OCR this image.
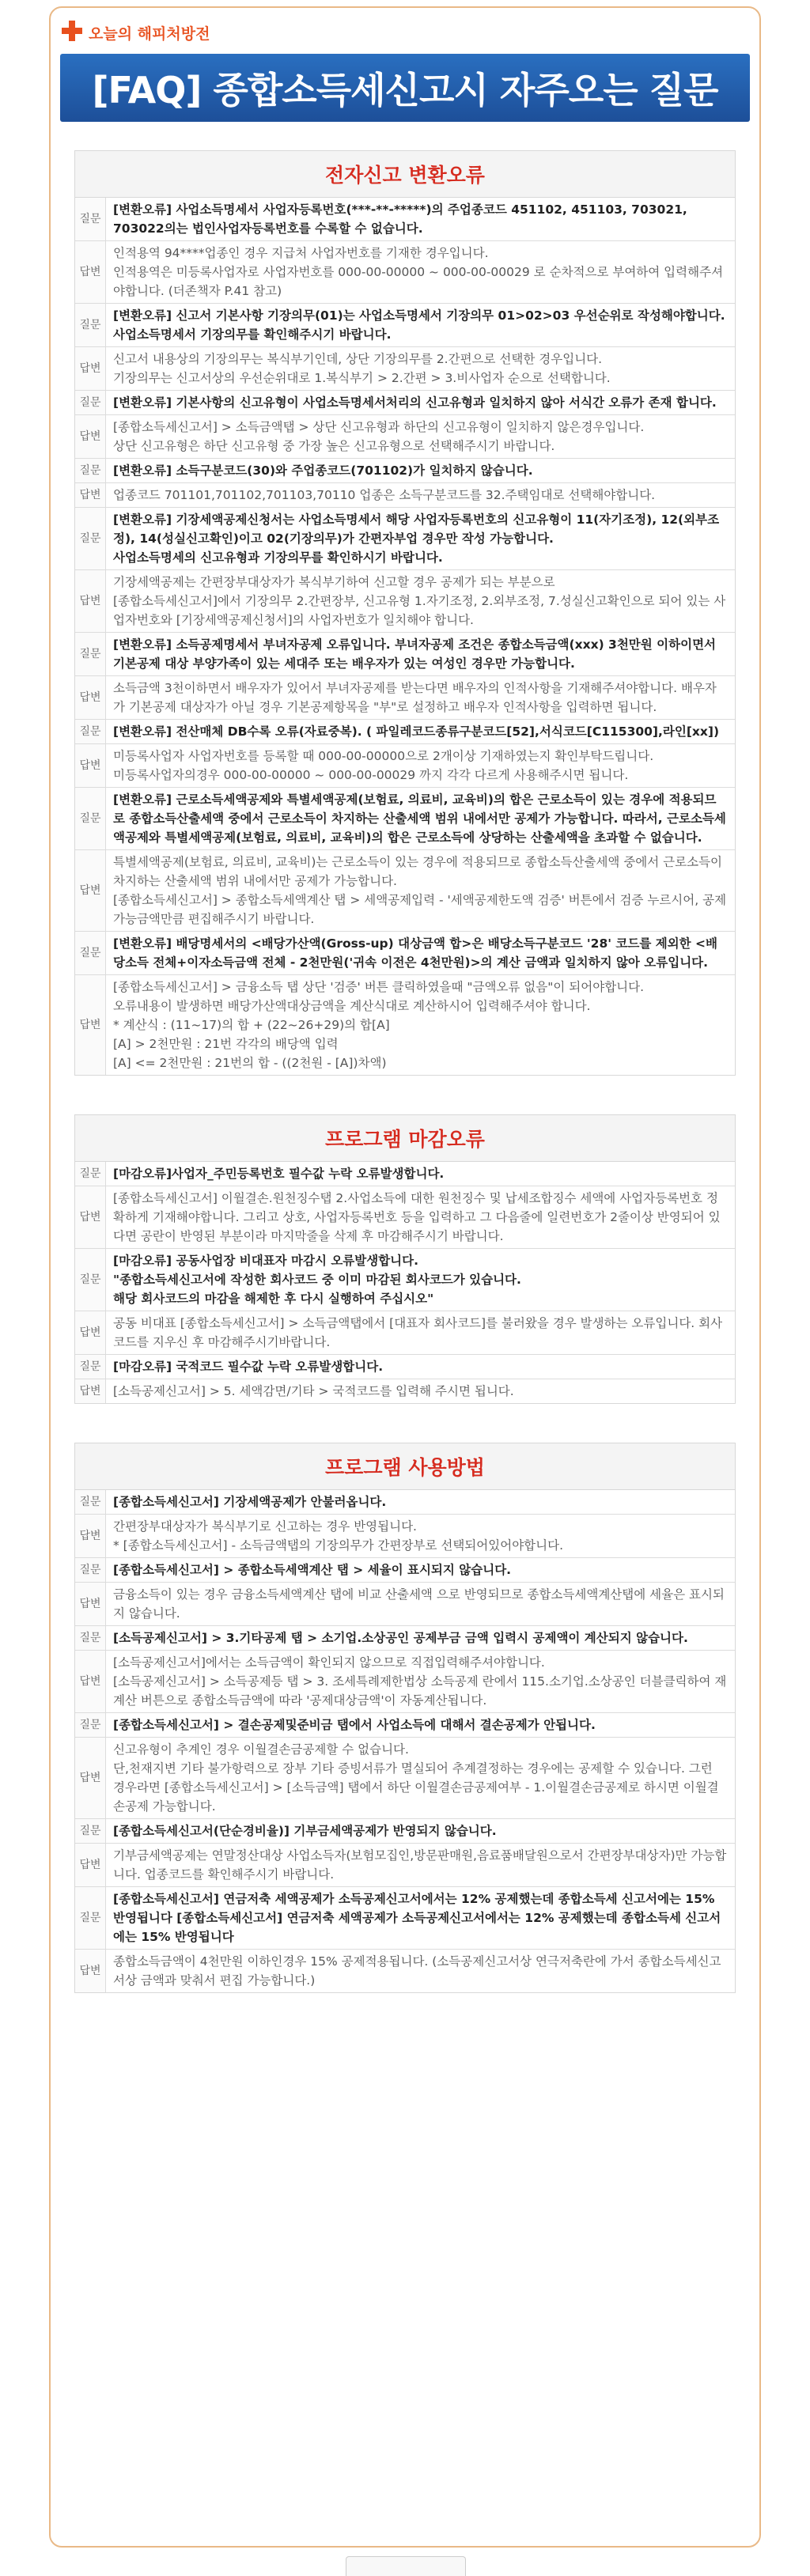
오늘의 해피처방전
[FAQ] 종합소득세신고시 자주오는 질문
전자신고 변환오류
질문	[변환오류] 사업소득명세서 사업자등록번호(***-**-*****)의 주업종코드 451102, 451103, 703021, 703022의는 법인사업자등록번호를 수록할 수 없습니다.

답변	인적용역 94****업종인 경우 지급처 사업자번호를 기재한 경우입니다.
인적용역은 미등록사업자로 사업자번호를 000-00-00000 ~ 000-00-00029 로 순차적으로 부여하여 입력해주셔야합니다. (더존책자 P.41 참고)

질문	[변환오류] 신고서 기본사항 기장의무(01)는 사업소득명세서 기장의무 01>02>03 우선순위로 작성해야합니다. 사업소득명세서 기장의무를 확인해주시기 바랍니다.

답변	신고서 내용상의 기장의무는 복식부기인데, 상단 기장의무를 2.간편으로 선택한 경우입니다.
기장의무는 신고서상의 우선순위대로 1.복식부기 > 2.간편 > 3.비사업자 순으로 선택합니다.

질문	[변환오류] 기본사항의 신고유형이 사업소득명세서처리의 신고유형과 일치하지 않아 서식간 오류가 존재 합니다.

답변	[종합소득세신고서] > 소득금액탭 > 상단 신고유형과 하단의 신고유형이 일치하지 않은경우입니다.
상단 신고유형은 하단 신고유형 중 가장 높은 신고유형으로 선택해주시기 바랍니다.

질문	[변환오류] 소득구분코드(30)와 주업종코드(701102)가 일치하지 않습니다.

답변	업종코드 701101,701102,701103,70110 업종은 소득구분코드를 32.주택임대로 선택해야합니다.

질문	[변환오류] 기장세액공제신청서는 사업소득명세서 해당 사업자등록번호의 신고유형이 11(자기조정), 12(외부조정), 14(성실신고확인)이고 02(기장의무)가 간편자부업 경우만 작성 가능합니다.
사업소득명세의 신고유형과 기장의무를 확인하시기 바랍니다.

답변	기장세액공제는 간편장부대상자가 복식부기하여 신고할 경우 공제가 되는 부분으로
[종합소득세신고서]에서 기장의무 2.간편장부, 신고유형 1.자기조정, 2.외부조정, 7.성실신고확인으로 되어 있는 사업자번호와 [기장세액공제신청서]의 사업자번호가 일치해야 합니다.

질문	[변환오류] 소득공제명세서 부녀자공제 오류입니다. 부녀자공제 조건은 종합소득금액(xxx) 3천만원 이하이면서 기본공제 대상 부양가족이 있는 세대주 또는 배우자가 있는 여성인 경우만 가능합니다.

답변	소득금액 3천이하면서 배우자가 있어서 부녀자공제를 받는다면 배우자의 인적사항을 기재해주셔야합니다. 배우자가 기본공제 대상자가 아닐 경우 기본공제항목을 "부"로 설정하고 배우자 인적사항을 입력하면 됩니다.

질문	[변환오류] 전산매체 DB수록 오류(자료중복). ( 파일레코드종류구분코드[52],서식코드[C115300],라인[xx])

답변	미등록사업자 사업자번호를 등록할 때 000-00-00000으로 2개이상 기재하였는지 확인부탁드립니다.
미등록사업자의경우 000-00-00000 ~ 000-00-00029 까지 각각 다르게 사용해주시면 됩니다.

질문	[변환오류] 근로소득세액공제와 특별세액공제(보험료, 의료비, 교육비)의 합은 근로소득이 있는 경우에 적용되므로 종합소득산출세액 중에서 근로소득이 차지하는 산출세액 범위 내에서만 공제가 가능합니다. 따라서, 근로소득세액공제와 특별세액공제(보험료, 의료비, 교육비)의 합은 근로소득에 상당하는 산출세액을 초과할 수 없습니다.

답변	특별세액공제(보험료, 의료비, 교육비)는 근로소득이 있는 경우에 적용되므로 종합소득산출세액 중에서 근로소득이 차지하는 산출세액 범위 내에서만 공제가 가능합니다.
[종합소득세신고서] > 종합소득세액계산 탭 > 세액공제입력 - '세액공제한도액 검증' 버튼에서 검증 누르시어, 공제가능금액만큼 편집해주시기 바랍니다.

질문	[변환오류] 배당명세서의 <배당가산액(Gross-up) 대상금액 합>은 배당소득구분코드 '28' 코드를 제외한 <배당소득 전체+이자소득금액 전체 - 2천만원('귀속 이전은 4천만원)>의 계산 금액과 일치하지 않아 오류입니다.

답변	[종합소득세신고서] > 금융소득 탭 상단 '검증' 버튼 클릭하였을때 "금액오류 없음"이 되어야합니다.
오류내용이 발생하면 배당가산액대상금액을 계산식대로 계산하시어 입력해주셔야 합니다.
* 계산식 : (11~17)의 합 + (22~26+29)의 합[A]
[A] > 2천만원 : 21번 각각의 배당액 입력
[A] <= 2천만원 : 21번의 합 - ((2천원 - [A])차액)
프로그램 마감오류
질문	[마감오류]사업자_주민등록번호 필수값 누락 오류발생합니다.

답변	[종합소득세신고서] 이월결손.원천징수탭 2.사업소득에 대한 원천징수 및 납세조합징수 세액에 사업자등록번호 정확하게 기재해야합니다. 그리고 상호, 사업자등록번호 등을 입력하고 그 다음줄에 일련번호가 2줄이상 반영되어 있다면 공란이 반영된 부분이라 마지막줄을 삭제 후 마감해주시기 바랍니다.

질문	[마감오류] 공동사업장 비대표자 마감시 오류발생합니다.
"종합소득세신고서에 작성한 회사코드 중 이미 마감된 회사코드가 있습니다.
해당 회사코드의 마감을 해제한 후 다시 실행하여 주십시오"

답변	공동 비대표 [종합소득세신고서] > 소득금액탭에서 [대표자 회사코드]를 불러왔을 경우 발생하는 오류입니다. 회사코드를 지우신 후 마감해주시기바랍니다.

질문	[마감오류] 국적코드 필수값 누락 오류발생합니다.

답변	[소득공제신고서] > 5. 세액감면/기타 > 국적코드를 입력해 주시면 됩니다.
프로그램 사용방법
질문	[종합소득세신고서] 기장세액공제가 안불러옵니다.

답변	간편장부대상자가 복식부기로 신고하는 경우 반영됩니다.
* [종합소득세신고서] - 소득금액탭의 기장의무가 간편장부로 선택되어있어야합니다.

질문	[종합소득세신고서] > 종합소득세액계산 탭 > 세율이 표시되지 않습니다.

답변	금융소득이 있는 경우 금융소득세액계산 탭에 비교 산출세액 으로 반영되므로 종합소득세액계산탭에 세율은 표시되지 않습니다.

질문	[소득공제신고서] > 3.기타공제 탭 > 소기업.소상공인 공제부금 금액 입력시 공제액이 계산되지 않습니다.

답변	[소득공제신고서]에서는 소득금액이 확인되지 않으므로 직접입력해주셔야합니다.
[소득공제신고서] > 소득공제등 탭 > 3. 조세특례제한법상 소득공제 란에서 115.소기업.소상공인 더블클릭하여 재계산 버튼으로 종합소득금액에 따라 '공제대상금액'이 자동계산됩니다.

질문	[종합소득세신고서] > 결손공제및준비금 탭에서 사업소득에 대해서 결손공제가 안됩니다.

답변	신고유형이 추계인 경우 이월결손금공제할 수 없습니다.
단,천재지변 기타 불가항력으로 장부 기타 증빙서류가 멸실되어 추계결정하는 경우에는 공제할 수 있습니다. 그런 경우라면 [종합소득세신고서] > [소득금액] 탭에서 하단 이월결손금공제여부 - 1.이월결손금공제로 하시면 이월결손공제 가능합니다.

질문	[종합소득세신고서(단순경비율)] 기부금세액공제가 반영되지 않습니다.

답변	기부금세액공제는 연말정산대상 사업소득자(보험모집인,방문판매원,음료품배달원으로서 간편장부대상자)만 가능합니다. 업종코드를 확인해주시기 바랍니다.

질문	[종합소득세신고서] 연금저축 세액공제가 소득공제신고서에서는 12% 공제했는데 종합소득세 신고서에는 15% 반영됩니다 [종합소득세신고서] 연금저축 세액공제가 소득공제신고서에서는 12% 공제했는데 종합소득세 신고서에는 15% 반영됩니다

답변	종합소득금액이 4천만원 이하인경우 15% 공제적용됩니다. (소득공제신고서상 연극저축란에 가서 종합소득세신고서상 금액과 맞춰서 편집 가능합니다.)
